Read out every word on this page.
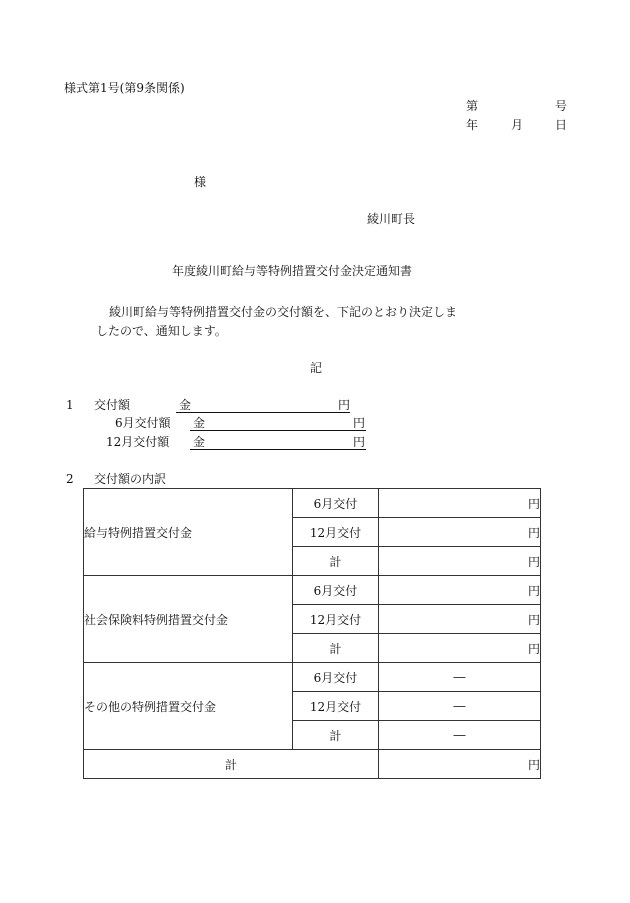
様式第1号(第9条関係)
第	号
年	月	日
様
綾川町長
年度綾川町給与等特例措置交付金決定通知書
綾川町給与等特例措置交付金の交付額を、下記のとおり決定しま
したので、通知します。
記
1 交付額	金	円
6月交付額 金	円
12月交付額 金	円
2 交付額の内訳
給与特例措置交付金	6月交付	円
	12月交付	円
	計	円
社会保険料特例措置交付金	6月交付	円
	12月交付	円
	計	円
その他の特例措置交付金	6月交付	―
	12月交付	―
	計	―
計		円
